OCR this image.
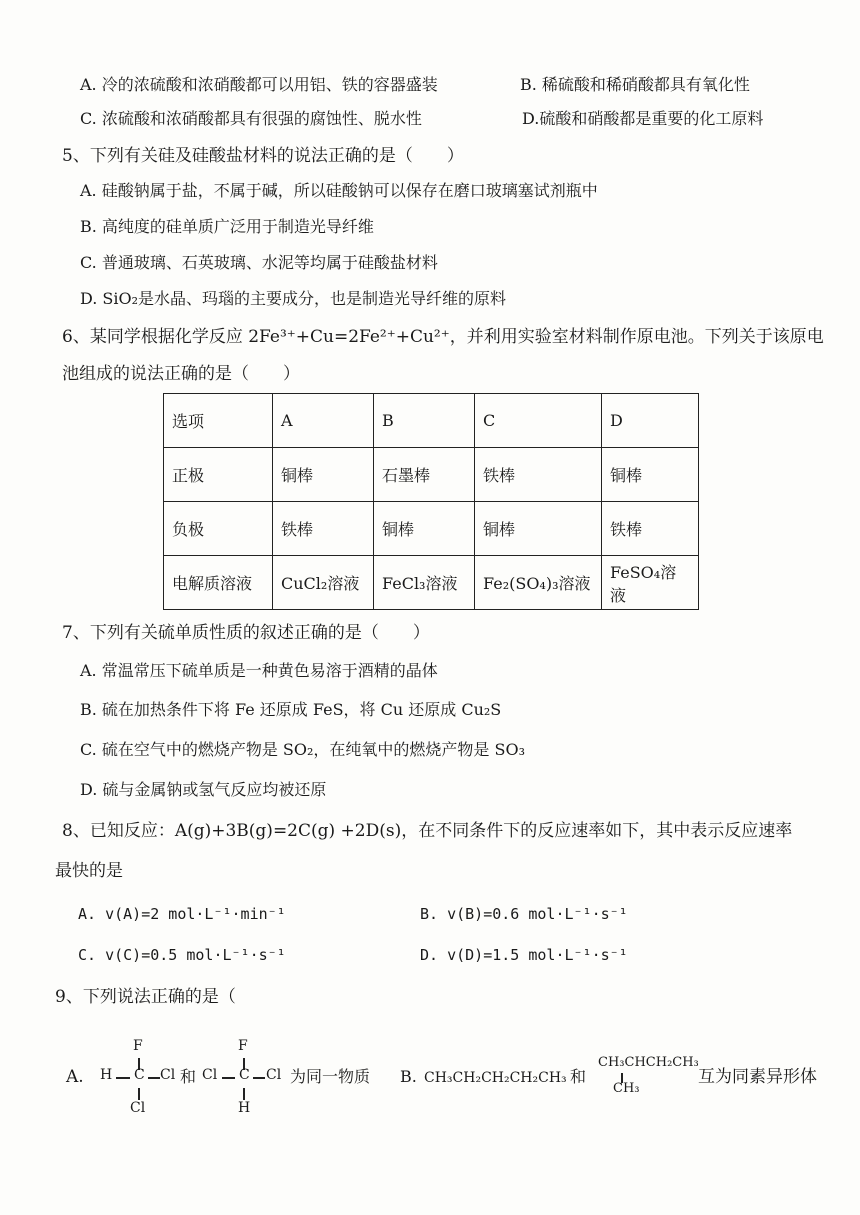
A. 冷的浓硫酸和浓硝酸都可以用铝、铁的容器盛装	B. 稀硫酸和稀硝酸都具有氧化性
C. 浓硫酸和浓硝酸都具有很强的腐蚀性、脱水性	D.硫酸和硝酸都是重要的化工原料
5、下列有关硅及硅酸盐材料的说法正确的是（　　）
A. 硅酸钠属于盐，不属于碱，所以硅酸钠可以保存在磨口玻璃塞试剂瓶中
B. 高纯度的硅单质广泛用于制造光导纤维
C. 普通玻璃、石英玻璃、水泥等均属于硅酸盐材料
D. SiO₂是水晶、玛瑙的主要成分，也是制造光导纤维的原料
6、某同学根据化学反应 2Fe³⁺+Cu=2Fe²⁺+Cu²⁺，并利用实验室材料制作原电池。下列关于该原电
池组成的说法正确的是（　　）
选项	A	B	C	D
正极	铜棒	石墨棒	铁棒	铜棒
负极	铁棒	铜棒	铜棒	铁棒
电解质溶液	CuCl₂溶液	FeCl₃溶液	Fe₂(SO₄)₃溶液	FeSO₄溶液
7、下列有关硫单质性质的叙述正确的是（　　）
A. 常温常压下硫单质是一种黄色易溶于酒精的晶体
B. 硫在加热条件下将 Fe 还原成 FeS，将 Cu 还原成 Cu₂S
C. 硫在空气中的燃烧产物是 SO₂，在纯氧中的燃烧产物是 SO₃
D. 硫与金属钠或氢气反应均被还原
8、已知反应：A(g)+3B(g)=2C(g) +2D(s)，在不同条件下的反应速率如下，其中表示反应速率
最快的是
A. v(A)=2 mol·L⁻¹·min⁻¹	B. v(B)=0.6 mol·L⁻¹·s⁻¹
C. v(C)=0.5 mol·L⁻¹·s⁻¹	D. v(D)=1.5 mol·L⁻¹·s⁻¹
9、下列说法正确的是（
A.
F
H C Cl
Cl
和
F
Cl C Cl
H
为同一物质 B. CH₃CH₂CH₂CH₂CH₃ 和
CH₃CHCH₂CH₃
CH₃
互为同素异形体
